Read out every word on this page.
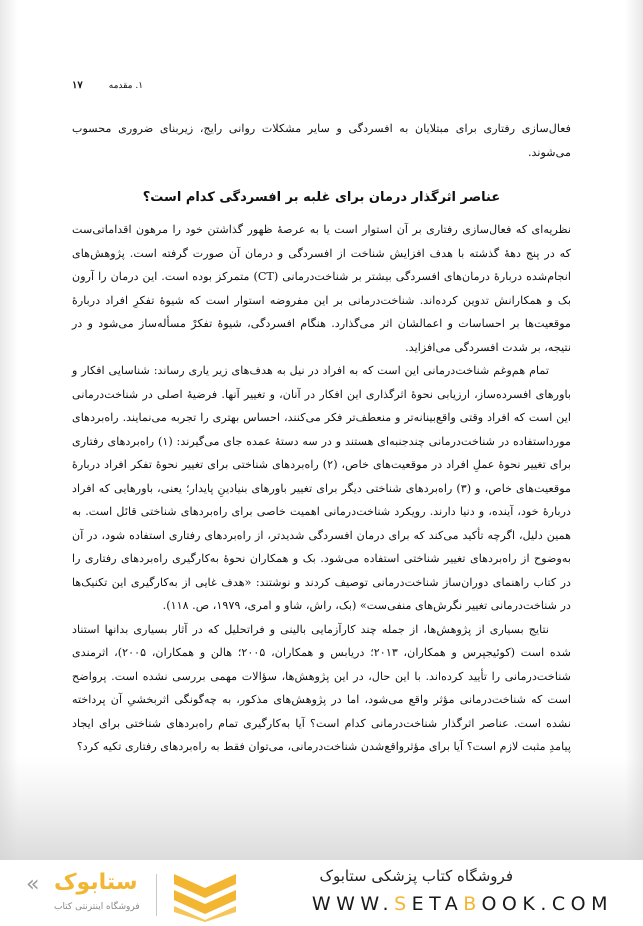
۱. مقدمه
۱۷

فعال‌سازی رفتاری برای مبتلایان به افسردگی و سایر مشکلات روانی رایج، زیربنای ضروری محسوب می‌شوند.

عناصر اثرگذار درمان برای غلبه بر افسردگی کدام است؟

نظریه‌ای که فعال‌سازی رفتاری بر آن استوار است یا به عرصهٔ ظهور گذاشتن خود را مرهون اقداماتی‌ست که در پنج دههٔ گذشته با هدف افزایش شناخت از افسردگی و درمان آن صورت گرفته است. پژوهش‌های انجام‌شده دربارهٔ درمان‌های افسردگی بیشتر بر شناخت‌درمانی (CT) متمرکز بوده است. این درمان را آرون بک و همکارانش تدوین کرده‌اند. شناخت‌درمانی بر این مفروضه استوار است که شیوهٔ تفکرِ افراد دربارهٔ موقعیت‌ها بر احساسات و اعمالشان اثر می‌گذارد. هنگام افسردگی، شیوهٔ تفکرْ مسأله‌ساز می‌شود و در نتیجه، بر شدت افسردگی می‌افزاید.

تمام هم‌وغم شناخت‌درمانی این است که به افراد در نیل به هدف‌های زیر یاری رساند: شناسایی افکار و باورهای افسرده‌ساز، ارزیابی نحوهٔ اثرگذاری این افکار در آنان، و تغییر آنها. فرضیهٔ اصلی در شناخت‌درمانی این است که افراد وقتی واقع‌بینانه‌تر و منعطف‌تر فکر می‌کنند، احساس بهتری را تجربه می‌نمایند. راه‌بردهای مورداستفاده در شناخت‌درمانی چندجنبه‌ای هستند و در سه دستهٔ عمده جای می‌گیرند: (۱) راه‌بردهای رفتاری برای تغییر نحوهٔ عملِ افراد در موقعیت‌های خاص، (۲) راه‌بردهای شناختی برای تغییر نحوهٔ تفکر افراد دربارهٔ موقعیت‌های خاص، و (۳) راه‌بردهای شناختی دیگر برای تغییر باورهای بنیادینِ پایدار؛ یعنی، باورهایی که افراد دربارهٔ خود، آینده، و دنیا دارند. رویکرد شناخت‌درمانی اهمیت خاصی برای راه‌بردهای شناختی قائل است. به همین دلیل، اگرچه تأکید می‌کند که برای درمان افسردگی شدیدتر، از راه‌بردهای رفتاری استفاده شود، در آن به‌وضوح از راه‌بردهای تغییر شناختی استفاده می‌شود. بک و همکاران نحوهٔ به‌کارگیری راه‌بردهای رفتاری را در کتاب راهنمای دوران‌ساز شناخت‌درمانی توصیف کردند و نوشتند: «هدف غایی از به‌کارگیری این تکنیک‌ها در شناخت‌درمانی تغییر نگرش‌های منفی‌ست» (بک، راش، شاو و امری، ۱۹۷۹، ص. ۱۱۸).

نتایج بسیاری از پژوهش‌ها، از جمله چند کارآزمایی بالینی و فراتحلیل که در آثار بسیاری بدانها استناد شده است (کوئیجپرس و همکاران، ۲۰۱۳؛ دریابس و همکاران، ۲۰۰۵؛ هالن و همکاران، ۲۰۰۵)، اثرمندی شناخت‌درمانی را تأیید کرده‌اند. با این حال، در این پژوهش‌ها، سؤالات مهمی بررسی نشده است. پرواضح است که شناخت‌درمانی مؤثر واقع می‌شود، اما در پژوهش‌های مذکور، به چه‌گونگی اثربخشیِ آن پرداخته نشده است. عناصر اثرگذار شناخت‌درمانی کدام است؟ آیا به‌کارگیری تمام راه‌بردهای شناختی برای ایجاد پیامدِ مثبت لازم است؟ آیا برای مؤثرواقع‌شدن شناخت‌درمانی، می‌توان فقط به راه‌بردهای رفتاری تکیه کرد؟

« ستابوک
فروشگاه اینترنتی کتاب
فروشگاه کتاب پزشکی ستابوک
WWW.SETABOOK.COM
